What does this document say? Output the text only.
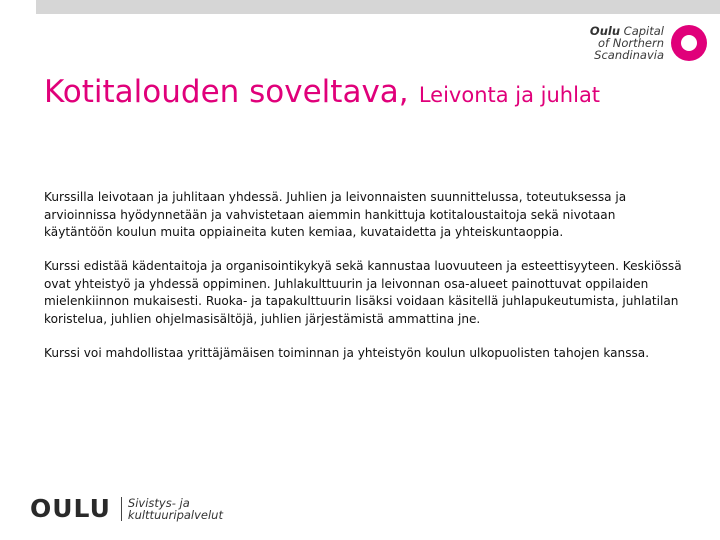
Oulu Capital
of Northern
Scandinavia
Kotitalouden soveltava, Leivonta ja juhlat

Kurssilla leivotaan ja juhlitaan yhdessä. Juhlien ja leivonnaisten suunnittelussa, toteutuksessa ja arvioinnissa hyödynnetään ja vahvistetaan aiemmin hankittuja kotitaloustaitoja sekä nivotaan käytäntöön koulun muita oppiaineita kuten kemiaa, kuvataidetta ja yhteiskuntaoppia.

Kurssi edistää kädentaitoja ja organisointikykyä sekä kannustaa luovuuteen ja esteettisyyteen. Keskiössä ovat yhteistyö ja yhdessä oppiminen. Juhlakulttuurin ja leivonnan osa-alueet painottuvat oppilaiden mielenkiinnon mukaisesti. Ruoka- ja tapakulttuurin lisäksi voidaan käsitellä juhlapukeutumista, juhlatilan koristelua, juhlien ohjelmasisältöjä, juhlien järjestämistä ammattina jne.

Kurssi voi mahdollistaa yrittäjämäisen toiminnan ja yhteistyön koulun ulkopuolisten tahojen kanssa.

OULU Sivistys- ja
kulttuuripalvelut
